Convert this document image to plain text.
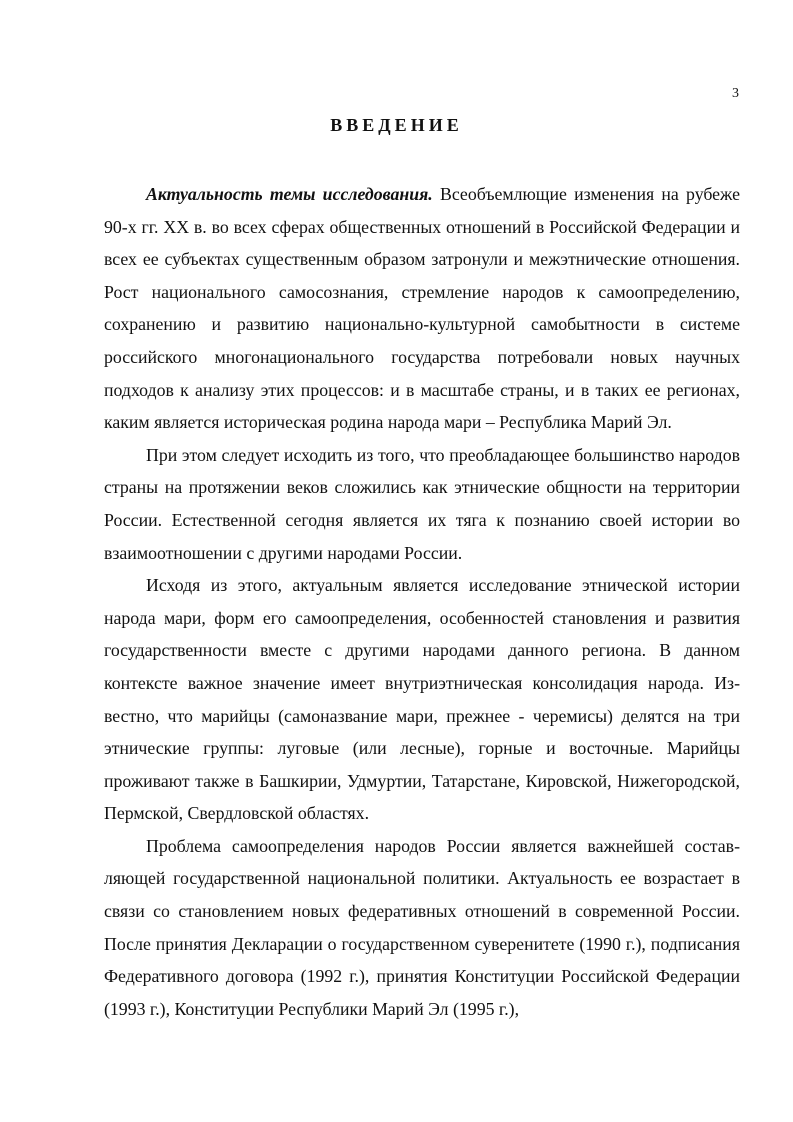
3
ВВЕДЕНИЕ

Актуальность темы исследования. Всеобъемлющие изменения на рубеже 90-х гг. XX в. во всех сферах общественных отношений в Российской Федерации и всех ее субъектах существенным образом затронули и межэтнические отношения. Рост национального самосознания, стремление народов к самоопределению, сохранению и развитию национально-культурной самобытности в системе российского многонационального государства потребовали новых научных подходов к анализу этих процессов: и в масштабе страны, и в таких ее регионах, каким является историческая родина народа мари – Республика Марий Эл.

При этом следует исходить из того, что преобладающее большинство народов страны на протяжении веков сложились как этнические общности на территории России. Естественной сегодня является их тяга к познанию своей истории во взаимоотношении с другими народами России.

Исходя из этого, актуальным является исследование этнической истории народа мари, форм его самоопределения, особенностей становления и развития государственности вместе с другими народами данного региона. В данном контексте важное значение имеет внутриэтническая консолидация народа. Известно, что марийцы (самоназвание мари, прежнее - черемисы) делятся на три этнические группы: луговые (или лесные), горные и восточные. Марийцы проживают также в Башкирии, Удмуртии, Татарстане, Кировской, Нижегородской, Пермской, Свердловской областях.

Проблема самоопределения народов России является важнейшей составляющей государственной национальной политики. Актуальность ее возрастает в связи со становлением новых федеративных отношений в современной России. После принятия Декларации о государственном суверенитете (1990 г.), подписания Федеративного договора (1992 г.), принятия Конституции Российской Федерации (1993 г.), Конституции Республики Марий Эл (1995 г.),
